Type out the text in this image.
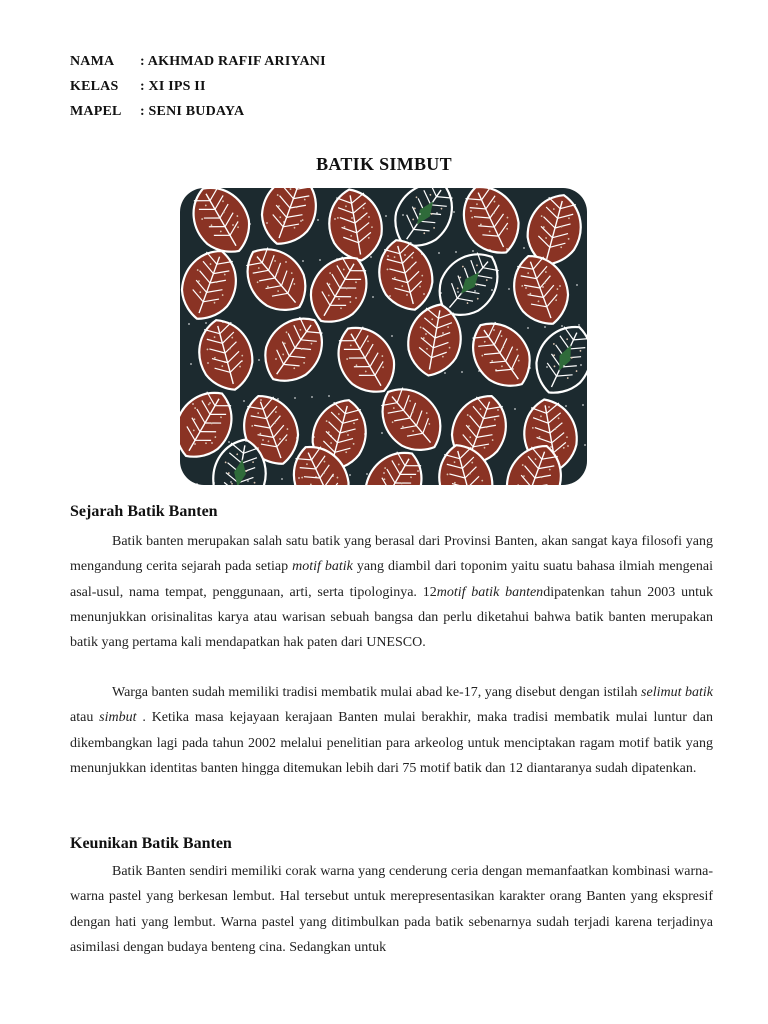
NAMA	: AKHMAD RAFIF ARIYANI
KELAS	: XI IPS II
MAPEL	: SENI BUDAYA
BATIK SIMBUT
Sejarah Batik Banten
Batik banten merupakan salah satu batik yang berasal dari Provinsi Banten, akan sangat kaya filosofi yang mengandung cerita sejarah pada setiap motif batik yang diambil dari toponim yaitu suatu bahasa ilmiah mengenai asal-usul, nama tempat, penggunaan, arti, serta tipologinya. 12motif batik bantendipatenkan tahun 2003 untuk menunjukkan orisinalitas karya atau warisan sebuah bangsa dan perlu diketahui bahwa batik banten merupakan batik yang pertama kali mendapatkan hak paten dari UNESCO.
Warga banten sudah memiliki tradisi membatik mulai abad ke-17, yang disebut dengan istilah selimut batik atau simbut . Ketika masa kejayaan kerajaan Banten mulai berakhir, maka tradisi membatik mulai luntur dan dikembangkan lagi pada tahun 2002 melalui penelitian para arkeolog untuk menciptakan ragam motif batik yang menunjukkan identitas banten hingga ditemukan lebih dari 75 motif batik dan 12 diantaranya sudah dipatenkan.
Keunikan Batik Banten
Batik Banten sendiri memiliki corak warna yang cenderung ceria dengan memanfaatkan kombinasi warna-warna pastel yang berkesan lembut. Hal tersebut untuk merepresentasikan karakter orang Banten yang ekspresif dengan hati yang lembut. Warna pastel yang ditimbulkan pada batik sebenarnya sudah terjadi karena terjadinya asimilasi dengan budaya benteng cina. Sedangkan untuk
